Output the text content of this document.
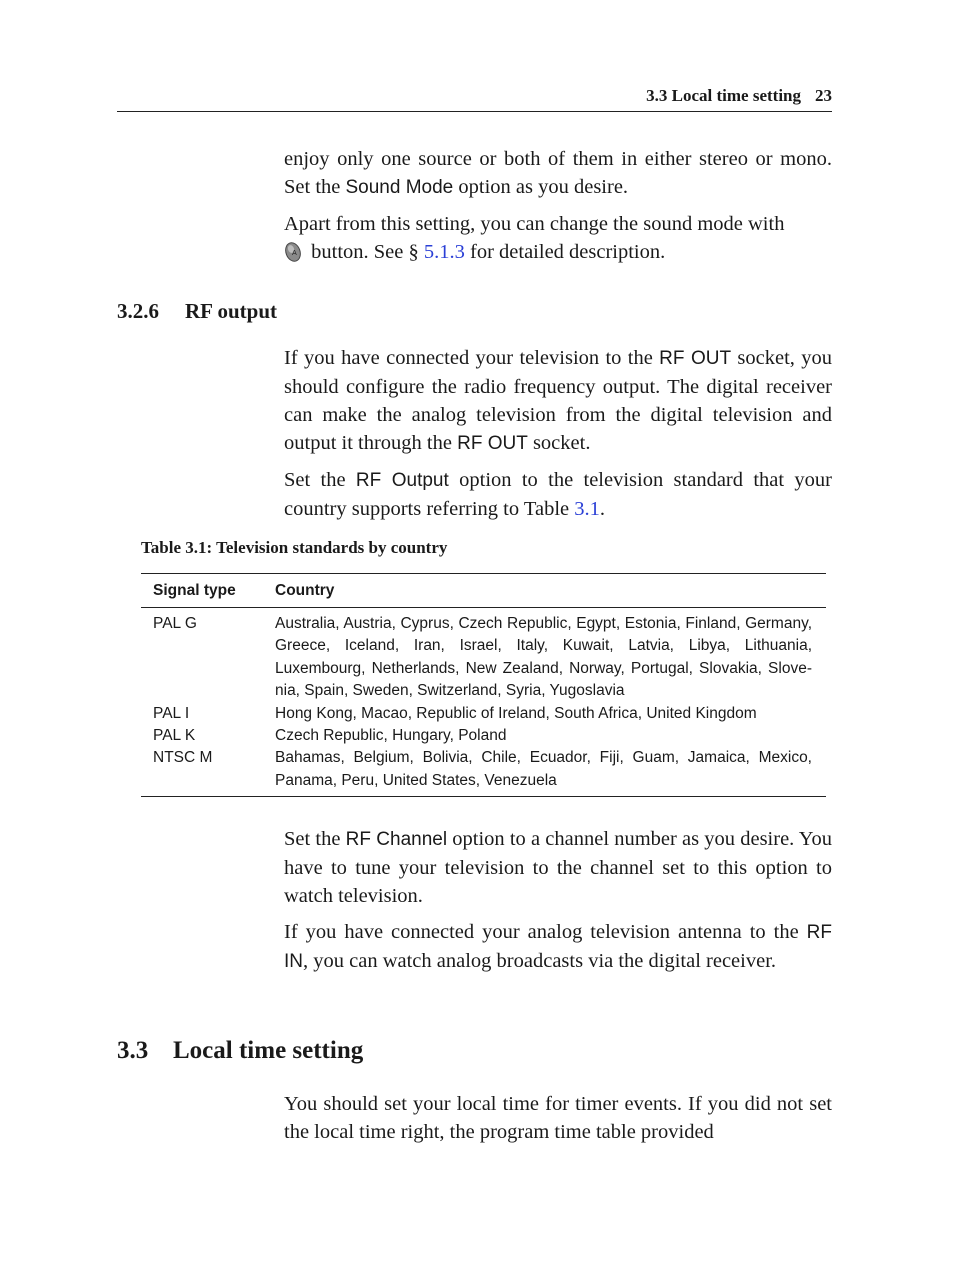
3.3 Local time setting 23

enjoy only one source or both of them in either stereo or mono. Set the Sound Mode option as you desire.

Apart from this setting, you can change the sound mode with

A button. See § 5.1.3 for detailed description.

3.2.6 RF output

If you have connected your television to the RF OUT socket, you should configure the radio frequency output. The digital receiver can make the analog television from the digital television and output it through the RF OUT socket.

Set the RF Output option to the television standard that your country supports referring to Table 3.1.

Table 3.1: Television standards by country
Signal type	Country
PAL G	Australia, Austria, Cyprus, Czech Republic, Egypt, Estonia, Finland, Germany, Greece, Iceland, Iran, Israel, Italy, Kuwait, Latvia, Libya, Lithuania, Luxembourg, Netherlands, New Zealand, Norway, Portugal, Slovakia, Slovenia, Spain, Sweden, Switzerland, Syria, Yugoslavia
PAL I	Hong Kong, Macao, Republic of Ireland, South Africa, United Kingdom
PAL K	Czech Republic, Hungary, Poland
NTSC M	Bahamas, Belgium, Bolivia, Chile, Ecuador, Fiji, Guam, Jamaica, Mexico, Panama, Peru, United States, Venezuela

Set the RF Channel option to a channel number as you desire. You have to tune your television to the channel set to this option to watch television.

If you have connected your analog television antenna to the RF IN, you can watch analog broadcasts via the digital receiver.

3.3 Local time setting

You should set your local time for timer events. If you did not set the local time right, the program time table provided
